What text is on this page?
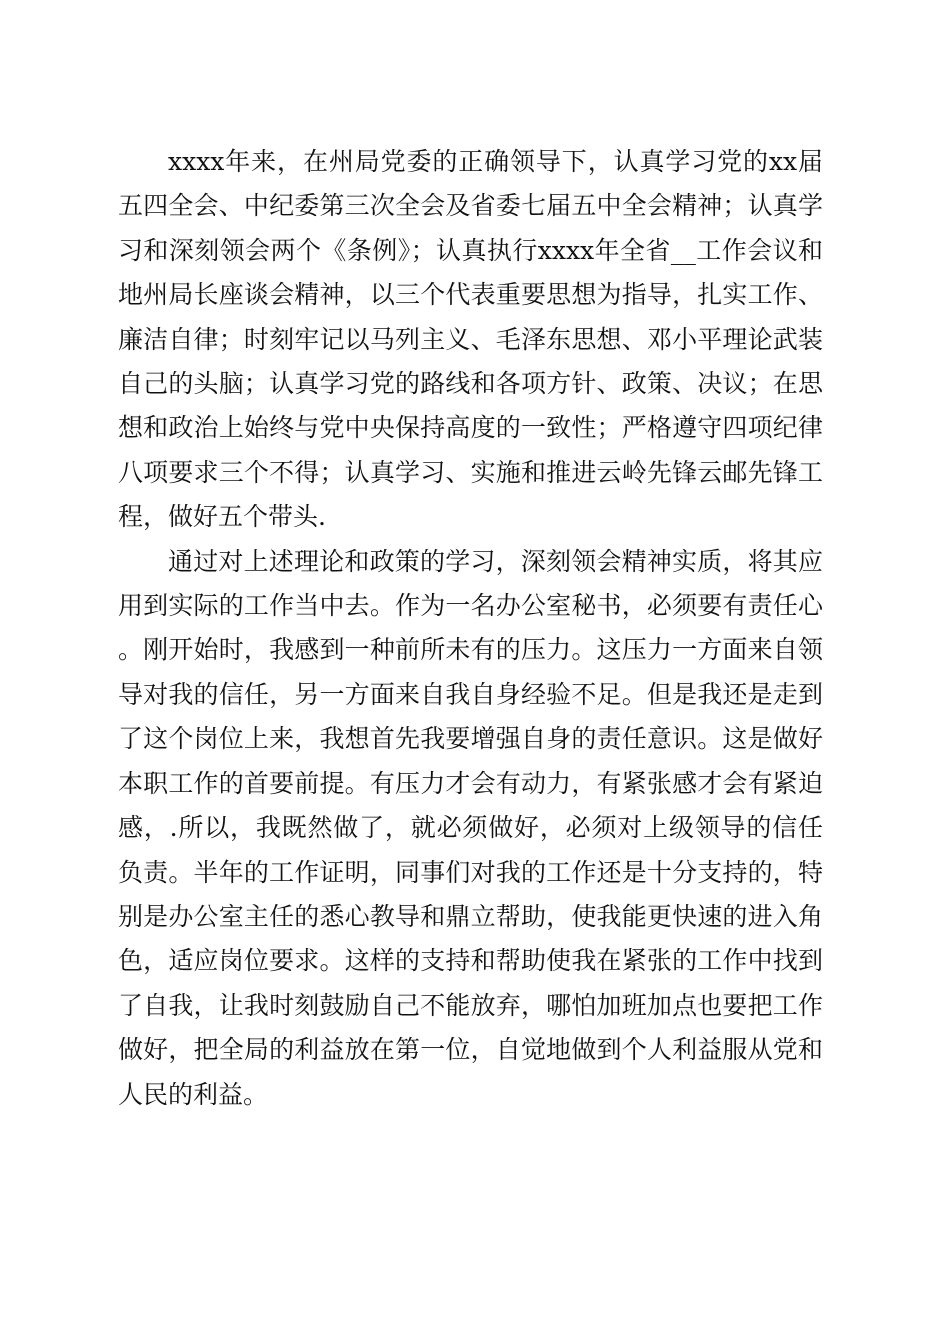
xxxx年来，在州局党委的正确领导下，认真学习党的xx届五四全会、中纪委第三次全会及省委七届五中全会精神；认真学习和深刻领会两个《条例》；认真执行xxxx年全省__工作会议和地州局长座谈会精神，以三个代表重要思想为指导，扎实工作、廉洁自律；时刻牢记以马列主义、毛泽东思想、邓小平理论武装自己的头脑；认真学习党的路线和各项方针、政策、决议；在思想和政治上始终与党中央保持高度的一致性；严格遵守四项纪律八项要求三个不得；认真学习、实施和推进云岭先锋云邮先锋工程，做好五个带头.

通过对上述理论和政策的学习，深刻领会精神实质，将其应用到实际的工作当中去。作为一名办公室秘书，必须要有责任心。刚开始时，我感到一种前所未有的压力。这压力一方面来自领导对我的信任，另一方面来自我自身经验不足。但是我还是走到了这个岗位上来，我想首先我要增强自身的责任意识。这是做好本职工作的首要前提。有压力才会有动力，有紧张感才会有紧迫感，.所以，我既然做了，就必须做好，必须对上级领导的信任负责。半年的工作证明，同事们对我的工作还是十分支持的，特别是办公室主任的悉心教导和鼎立帮助，使我能更快速的进入角色，适应岗位要求。这样的支持和帮助使我在紧张的工作中找到了自我，让我时刻鼓励自己不能放弃，哪怕加班加点也要把工作做好，把全局的利益放在第一位，自觉地做到个人利益服从党和人民的利益。
